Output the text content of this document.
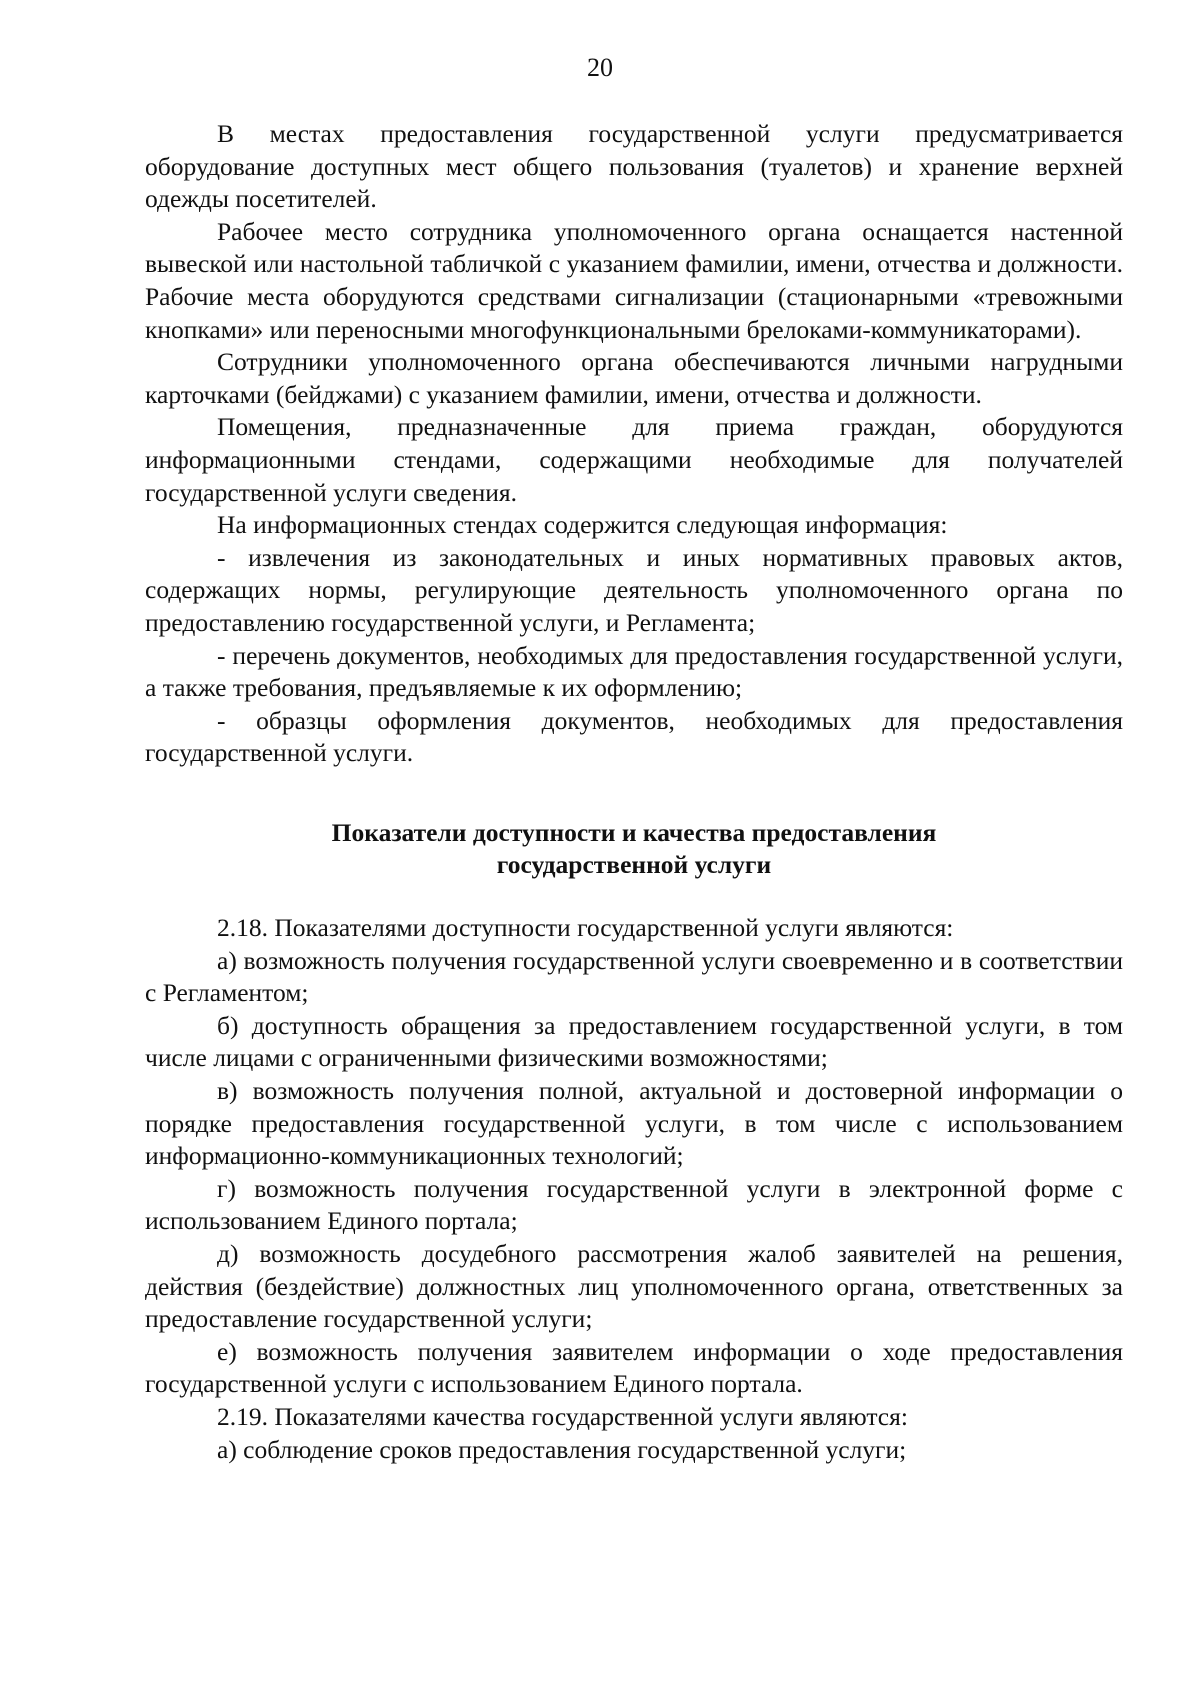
20

В местах предоставления государственной услуги предусматривается оборудование доступных мест общего пользования (туалетов) и хранение верхней одежды посетителей.

Рабочее место сотрудника уполномоченного органа оснащается настенной вывеской или настольной табличкой с указанием фамилии, имени, отчества и должности. Рабочие места оборудуются средствами сигнализации (стационарными «тревожными кнопками» или переносными многофункциональными брелоками-коммуникаторами).

Сотрудники уполномоченного органа обеспечиваются личными нагрудными карточками (бейджами) с указанием фамилии, имени, отчества и должности.

Помещения, предназначенные для приема граждан, оборудуются информационными стендами, содержащими необходимые для получателей государственной услуги сведения.

На информационных стендах содержится следующая информация:

- извлечения из законодательных и иных нормативных правовых актов, содержащих нормы, регулирующие деятельность уполномоченного органа по предоставлению государственной услуги, и Регламента;

- перечень документов, необходимых для предоставления государственной услуги, а также требования, предъявляемые к их оформлению;

- образцы оформления документов, необходимых для предоставления государственной услуги.

Показатели доступности и качества предоставления
государственной услуги

2.18. Показателями доступности государственной услуги являются:

а) возможность получения государственной услуги своевременно и в соответствии с Регламентом;

б) доступность обращения за предоставлением государственной услуги, в том числе лицами с ограниченными физическими возможностями;

в) возможность получения полной, актуальной и достоверной информации о порядке предоставления государственной услуги, в том числе с использованием информационно-коммуникационных технологий;

г) возможность получения государственной услуги в электронной форме с использованием Единого портала;

д) возможность досудебного рассмотрения жалоб заявителей на решения, действия (бездействие) должностных лиц уполномоченного органа, ответственных за предоставление государственной услуги;

е) возможность получения заявителем информации о ходе предоставления государственной услуги с использованием Единого портала.

2.19. Показателями качества государственной услуги являются:

а) соблюдение сроков предоставления государственной услуги;
